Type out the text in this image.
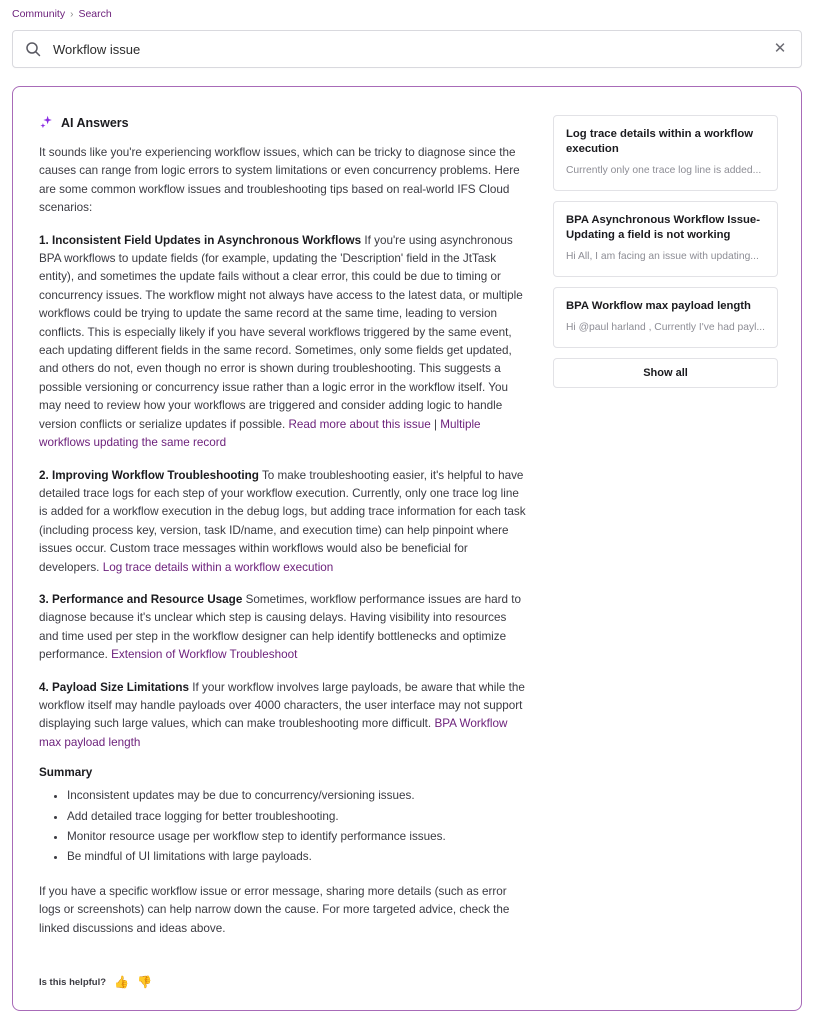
Community › Search
Workflow issue
✕
AI Answers

It sounds like you're experiencing workflow issues, which can be tricky to diagnose since the causes can range from logic errors to system limitations or even concurrency problems. Here are some common workflow issues and troubleshooting tips based on real-world IFS Cloud scenarios:

1. Inconsistent Field Updates in Asynchronous Workflows If you're using asynchronous BPA workflows to update fields (for example, updating the 'Description' field in the JtTask entity), and sometimes the update fails without a clear error, this could be due to timing or concurrency issues. The workflow might not always have access to the latest data, or multiple workflows could be trying to update the same record at the same time, leading to version conflicts. This is especially likely if you have several workflows triggered by the same event, each updating different fields in the same record. Sometimes, only some fields get updated, and others do not, even though no error is shown during troubleshooting. This suggests a possible versioning or concurrency issue rather than a logic error in the workflow itself. You may need to review how your workflows are triggered and consider adding logic to handle version conflicts or serialize updates if possible. Read more about this issue | Multiple workflows updating the same record

2. Improving Workflow Troubleshooting To make troubleshooting easier, it's helpful to have detailed trace logs for each step of your workflow execution. Currently, only one trace log line is added for a workflow execution in the debug logs, but adding trace information for each task (including process key, version, task ID/name, and execution time) can help pinpoint where issues occur. Custom trace messages within workflows would also be beneficial for developers. Log trace details within a workflow execution

3. Performance and Resource Usage Sometimes, workflow performance issues are hard to diagnose because it's unclear which step is causing delays. Having visibility into resources and time used per step in the workflow designer can help identify bottlenecks and optimize performance. Extension of Workflow Troubleshoot

4. Payload Size Limitations If your workflow involves large payloads, be aware that while the workflow itself may handle payloads over 4000 characters, the user interface may not support displaying such large values, which can make troubleshooting more difficult. BPA Workflow max payload length

Summary
• Inconsistent updates may be due to concurrency/versioning issues.
• Add detailed trace logging for better troubleshooting.
• Monitor resource usage per workflow step to identify performance issues.
• Be mindful of UI limitations with large payloads.

If you have a specific workflow issue or error message, sharing more details (such as error logs or screenshots) can help narrow down the cause. For more targeted advice, check the linked discussions and ideas above.

Is this helpful? 👍 👎
Log trace details within a workflow execution
Currently only one trace log line is added...
BPA Asynchronous Workflow Issue- Updating a field is not working
Hi All, I am facing an issue with updating...
BPA Workflow max payload length
Hi @paul harland , Currently I've had payl...
Show all
